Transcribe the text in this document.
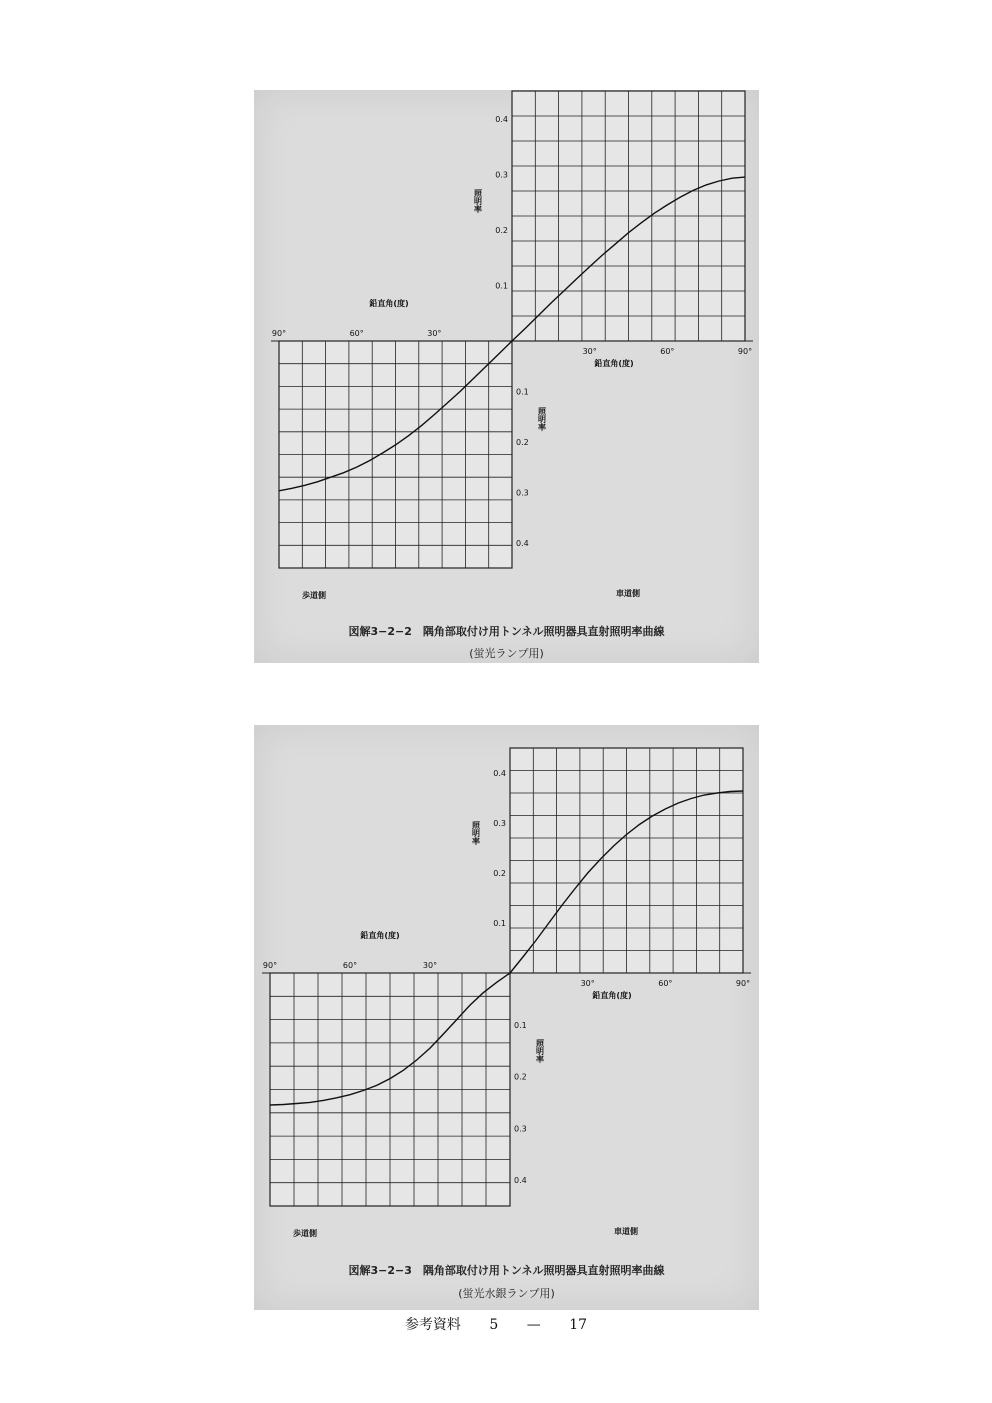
0.1
0.1
0.2
0.2
0.3
0.3
0.4
0.4
90°	60°	30°
30°	60°	90°
鉛直角(度)
鉛直角(度)
照明率
照明率
歩道側	車道側
図解3−2−2　隅角部取付け用トンネル照明器具直射照明率曲線
(蛍光ランプ用)
0.1
0.1
0.2
0.2
0.3
0.3
0.4
0.4
90°	60°	30°
30°	60°	90°
鉛直角(度)
鉛直角(度)
照明率
照明率
歩道側	車道側
図解3−2−3　隅角部取付け用トンネル照明器具直射照明率曲線
(蛍光水銀ランプ用)
参考資料 5 — 17
